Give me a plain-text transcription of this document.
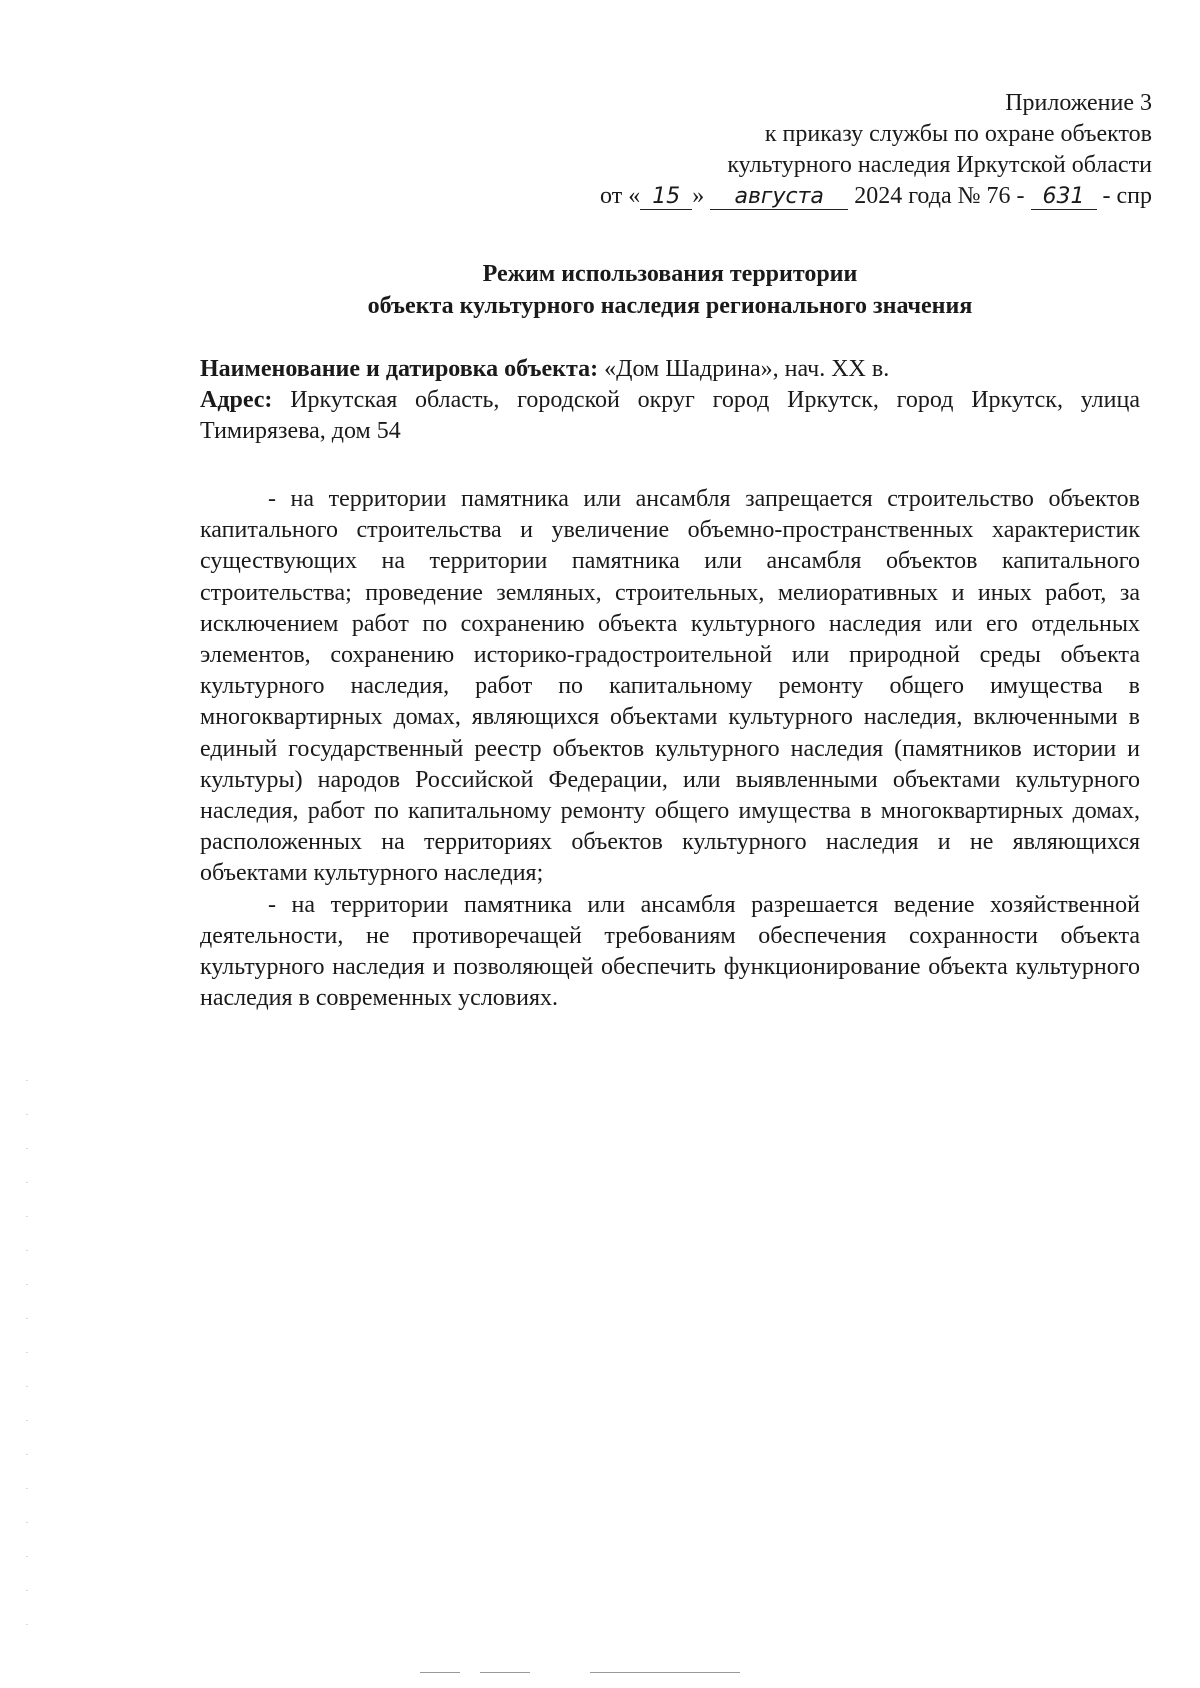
Приложение 3
к приказу службы по охране объектов
культурного наследия Иркутской области
от « 15 » августа 2024 года № 76 - 631 - спр
Режим использования территории
объекта культурного наследия регионального значения
Наименование и датировка объекта: «Дом Шадрина», нач. XX в.
Адрес: Иркутская область, городской округ город Иркутск, город Иркутск, улица Тимирязева, дом 54

- на территории памятника или ансамбля запрещается строительство объектов капитального строительства и увеличение объемно-пространственных характеристик существующих на территории памятника или ансамбля объектов капитального строительства; проведение земляных, строительных, мелиоративных и иных работ, за исключением работ по сохранению объекта культурного наследия или его отдельных элементов, сохранению историко-градостроительной или природной среды объекта культурного наследия, работ по капитальному ремонту общего имущества в многоквартирных домах, являющихся объектами культурного наследия, включенными в единый государственный реестр объектов культурного наследия (памятников истории и культуры) народов Российской Федерации, или выявленными объектами культурного наследия, работ по капитальному ремонту общего имущества в многоквартирных домах, расположенных на территориях объектов культурного наследия и не являющихся объектами культурного наследия;

- на территории памятника или ансамбля разрешается ведение хозяйственной деятельности, не противоречащей требованиям обеспечения сохранности объекта культурного наследия и позволяющей обеспечить функционирование объекта культурного наследия в современных условиях.
